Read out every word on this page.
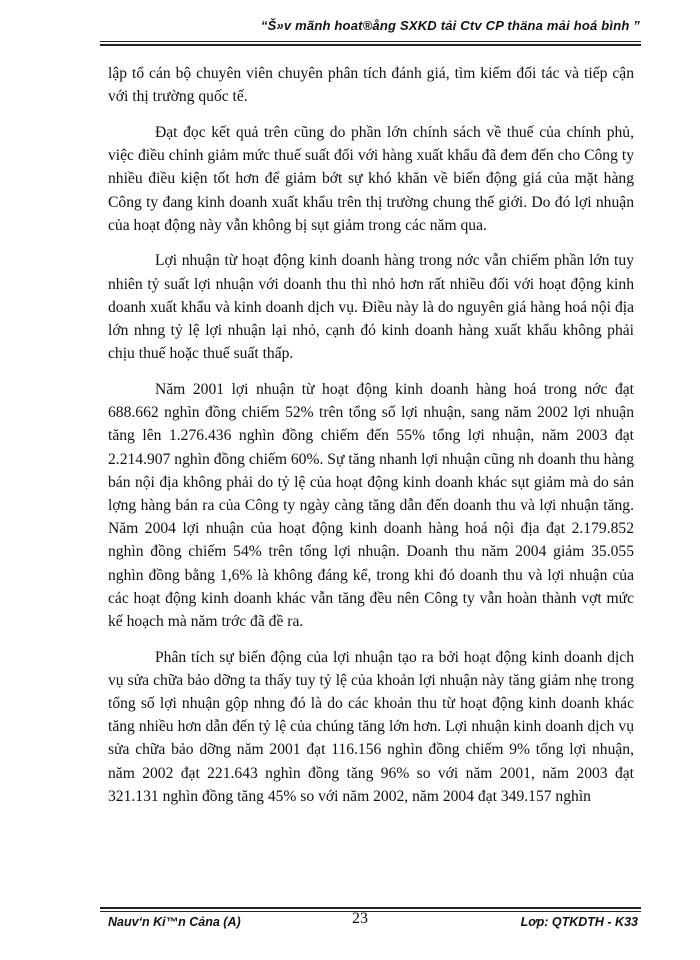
“Š»v mãnh hoat®ång SXKD tải Ctv CP thäna mải hoá bình ”

lập tổ cán bộ chuyên viên chuyên phân tích đánh giá, tìm kiếm đối tác và tiếp cận với thị trường quốc tế.

Đạt đọc kết quả trên cũng do phần lớn chính sách về thuế của chính phủ, việc điều chỉnh giảm mức thuế suất đối với hàng xuất khẩu đã đem đến cho Công ty nhiều điều kiện tốt hơn để giảm bớt sự khó khăn về biến động giá của mặt hàng Công ty đang kinh doanh xuất khẩu trên thị trường chung thế giới. Do đó lợi nhuận của hoạt động này vẫn không bị sụt giảm trong các năm qua.

Lợi nhuận từ hoạt động kinh doanh hàng trong nớc vẫn chiếm phần lớn tuy nhiên tỷ suất lợi nhuận với doanh thu thì nhỏ hơn rất nhiều đối với hoạt động kinh doanh xuất khẩu và kinh doanh dịch vụ. Điều này là do nguyên giá hàng hoá nội địa lớn nhng tỷ lệ lợi nhuận lại nhỏ, cạnh đó kinh doanh hàng xuất khẩu không phải chịu thuế hoặc thuế suất thấp.

Năm 2001 lợi nhuận từ hoạt động kinh doanh hàng hoá trong nớc đạt 688.662 nghìn đồng chiếm 52% trên tổng số lợi nhuận, sang năm 2002 lợi nhuận tăng lên 1.276.436 nghìn đồng chiếm đến 55% tổng lợi nhuận, năm 2003 đạt 2.214.907 nghìn đồng chiếm 60%. Sự tăng nhanh lợi nhuận cũng nh doanh thu hàng bán nội địa không phải do tỷ lệ của hoạt động kinh doanh khác sụt giảm mà do sản lợng hàng bán ra của Công ty ngày càng tăng dẫn đến doanh thu và lợi nhuận tăng. Năm 2004 lợi nhuận của hoạt động kinh doanh hàng hoá nội địa đạt 2.179.852 nghìn đồng chiếm 54% trên tổng lợi nhuận. Doanh thu năm 2004 giảm 35.055 nghìn đồng bằng 1,6% là không đáng kể, trong khi đó doanh thu và lợi nhuận của các hoạt động kinh doanh khác vẫn tăng đều nên Công ty vẫn hoàn thành vợt mức kế hoạch mà năm trớc đã đề ra.

Phân tích sự biến động của lợi nhuận tạo ra bởi hoạt động kinh doanh dịch vụ sửa chữa bảo dỡng ta thấy tuy tỷ lệ của khoản lợi nhuận này tăng giảm nhẹ trong tổng số lợi nhuận gộp nhng đó là do các khoản thu từ hoạt động kinh doanh khác tăng nhiều hơn dẫn đến tỷ lệ của chúng tăng lớn hơn. Lợi nhuận kinh doanh dịch vụ sửa chữa bảo dỡng năm 2001 đạt 116.156 nghìn đồng chiếm 9% tổng lợi nhuận, năm 2002 đạt 221.643 nghìn đồng tăng 96% so với năm 2001, năm 2003 đạt 321.131 nghìn đồng tăng 45% so với năm 2002, năm 2004 đạt 349.157 nghìn

Nauv‘n Ki™n Cảna (A)	23	Lơp: QTKDTH - K33
